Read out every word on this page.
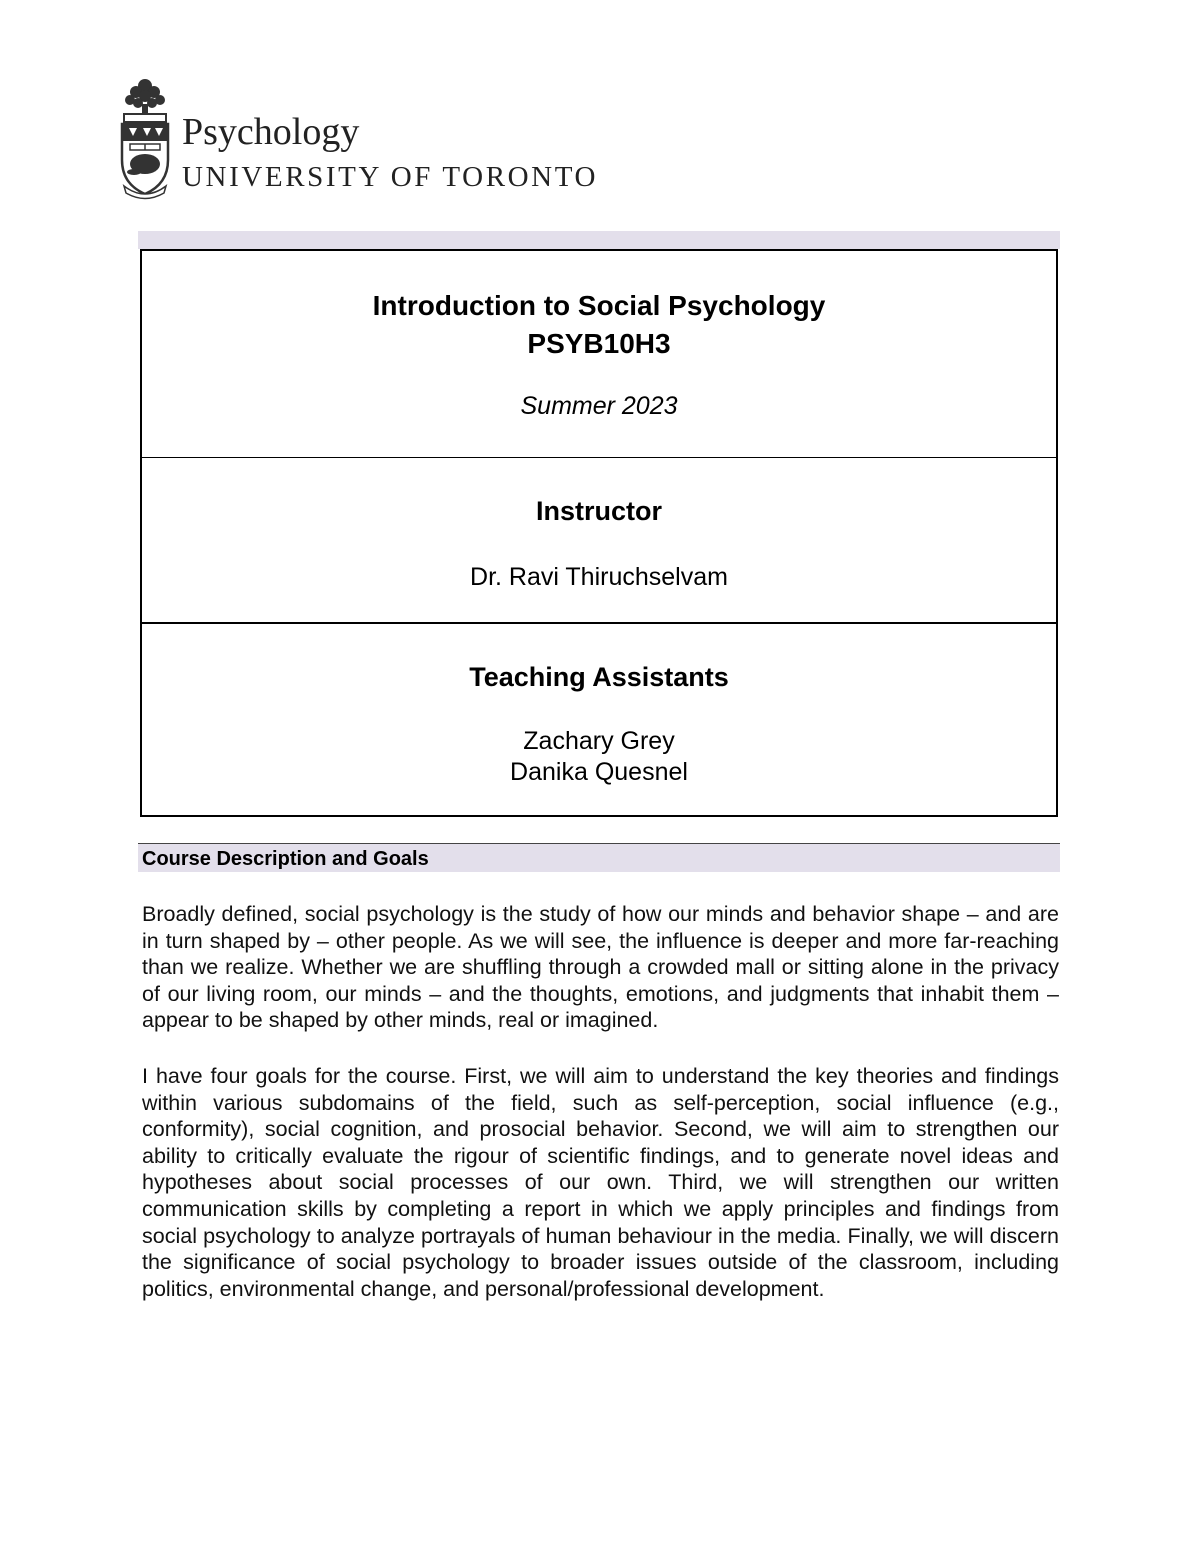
Psychology
UNIVERSITY OF TORONTO
Introduction to Social Psychology
PSYB10H3
Summer 2023
Instructor
Dr. Ravi Thiruchselvam
Teaching Assistants
Zachary Grey
Danika Quesnel
Course Description and Goals

Broadly defined, social psychology is the study of how our minds and behavior shape – and are in turn shaped by – other people. As we will see, the influence is deeper and more far-reaching than we realize. Whether we are shuffling through a crowded mall or sitting alone in the privacy of our living room, our minds – and the thoughts, emotions, and judgments that inhabit them – appear to be shaped by other minds, real or imagined.

I have four goals for the course. First, we will aim to understand the key theories and findings within various subdomains of the field, such as self-perception, social influence (e.g., conformity), social cognition, and prosocial behavior. Second, we will aim to strengthen our ability to critically evaluate the rigour of scientific findings, and to generate novel ideas and hypotheses about social processes of our own. Third, we will strengthen our written communication skills by completing a report in which we apply principles and findings from social psychology to analyze portrayals of human behaviour in the media. Finally, we will discern the significance of social psychology to broader issues outside of the classroom, including politics, environmental change, and personal/professional development.
